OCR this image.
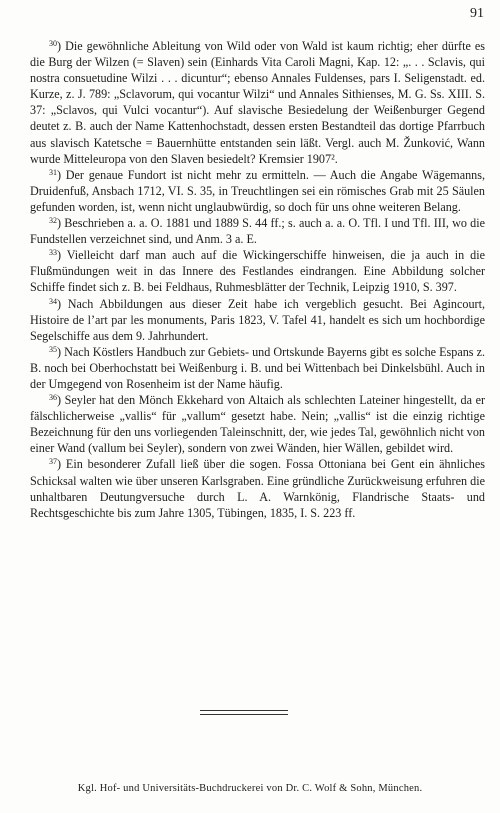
91

$^{30}$) Die gewöhnliche Ableitung von Wild oder von Wald ist kaum richtig; eher dürfte es die Burg der Wilzen (= Slaven) sein (Einhards Vita Caroli Magni, Kap. 12: „. . . Sclavis, qui nostra consuetudine Wilzi . . . dicuntur“; ebenso Annales Fuldenses, pars I. Seligenstadt. ed. Kurze, z. J. 789: „Sclavorum, qui vocantur Wilzi“ und Annales Sithienses, M. G. Ss. XIII. S. 37: „Sclavos, qui Vulci vocantur“). Auf slavische Besiedelung der Weißenburger Gegend deutet z. B. auch der Name Kattenhochstadt, dessen ersten Bestandteil das dortige Pfarrbuch aus slavisch Katetsche = Bauernhütte entstanden sein läßt. Vergl. auch M. Žunković, Wann wurde Mitteleuropa von den Slaven besiedelt? Kremsier 1907².

$^{31}$) Der genaue Fundort ist nicht mehr zu ermitteln. — Auch die Angabe Wägemanns, Druidenfuß, Ansbach 1712, VI. S. 35, in Treuchtlingen sei ein römisches Grab mit 25 Säulen gefunden worden, ist, wenn nicht unglaubwürdig, so doch für uns ohne weiteren Belang.

$^{32}$) Beschrieben a. a. O. 1881 und 1889 S. 44 ff.; s. auch a. a. O. Tfl. I und Tfl. III, wo die Fundstellen verzeichnet sind, und Anm. 3 a. E.

$^{33}$) Vielleicht darf man auch auf die Wickingerschiffe hinweisen, die ja auch in die Flußmündungen weit in das Innere des Festlandes eindrangen. Eine Abbildung solcher Schiffe findet sich z. B. bei Feldhaus, Ruhmesblätter der Technik, Leipzig 1910, S. 397.

$^{34}$) Nach Abbildungen aus dieser Zeit habe ich vergeblich gesucht. Bei Agincourt, Histoire de l’art par les monuments, Paris 1823, V. Tafel 41, handelt es sich um hochbordige Segelschiffe aus dem 9. Jahrhundert.

$^{35}$) Nach Köstlers Handbuch zur Gebiets- und Ortskunde Bayerns gibt es solche Espans z. B. noch bei Oberhochstatt bei Weißenburg i. B. und bei Wittenbach bei Dinkelsbühl. Auch in der Umgegend von Rosenheim ist der Name häufig.

$^{36}$) Seyler hat den Mönch Ekkehard von Altaich als schlechten Lateiner hingestellt, da er fälschlicherweise „vallis“ für „vallum“ gesetzt habe. Nein; „vallis“ ist die einzig richtige Bezeichnung für den uns vorliegenden Taleinschnitt, der, wie jedes Tal, gewöhnlich nicht von einer Wand (vallum bei Seyler), sondern von zwei Wänden, hier Wällen, gebildet wird.

$^{37}$) Ein besonderer Zufall ließ über die sogen. Fossa Ottoniana bei Gent ein ähnliches Schicksal walten wie über unseren Karlsgraben. Eine gründliche Zurückweisung erfuhren die unhaltbaren Deutungversuche durch L. A. Warnkönig, Flandrische Staats- und Rechtsgeschichte bis zum Jahre 1305, Tübingen, 1835, I. S. 223 ff.

Kgl. Hof- und Universitäts-Buchdruckerei von Dr. C. Wolf & Sohn, München.
